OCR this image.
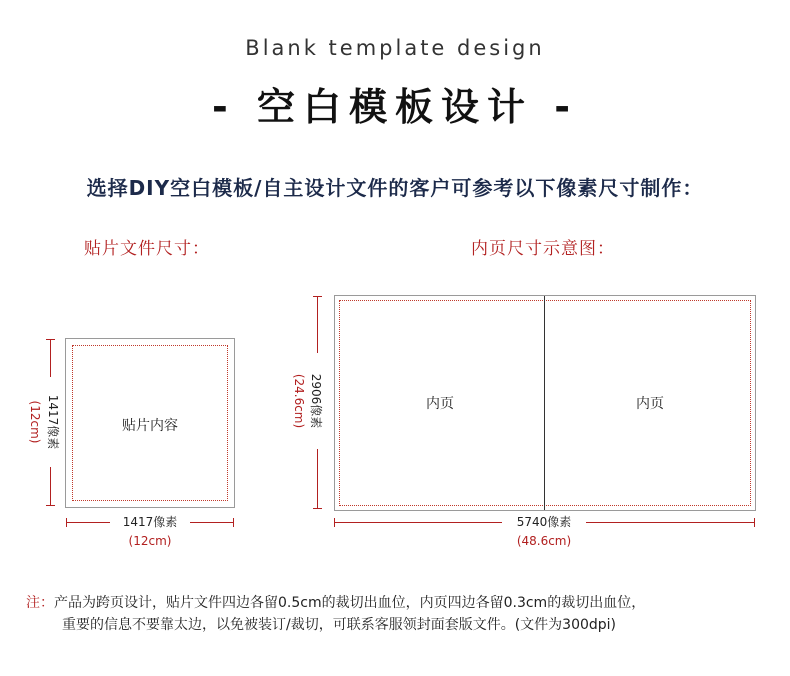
Blank template design
- 空白模板设计 -
选择DIY空白模板/自主设计文件的客户可参考以下像素尺寸制作：
贴片文件尺寸：	内页尺寸示意图：
贴片内容
1417像素
(12cm)
1417像素
(12cm)
内页	内页
2906像素
(24.6cm)
5740像素
(48.6cm)
注：产品为跨页设计，贴片文件四边各留0.5cm的裁切出血位，内页四边各留0.3cm的裁切出血位，
重要的信息不要靠太边，以免被装订/裁切，可联系客服领封面套版文件。(文件为300dpi)
